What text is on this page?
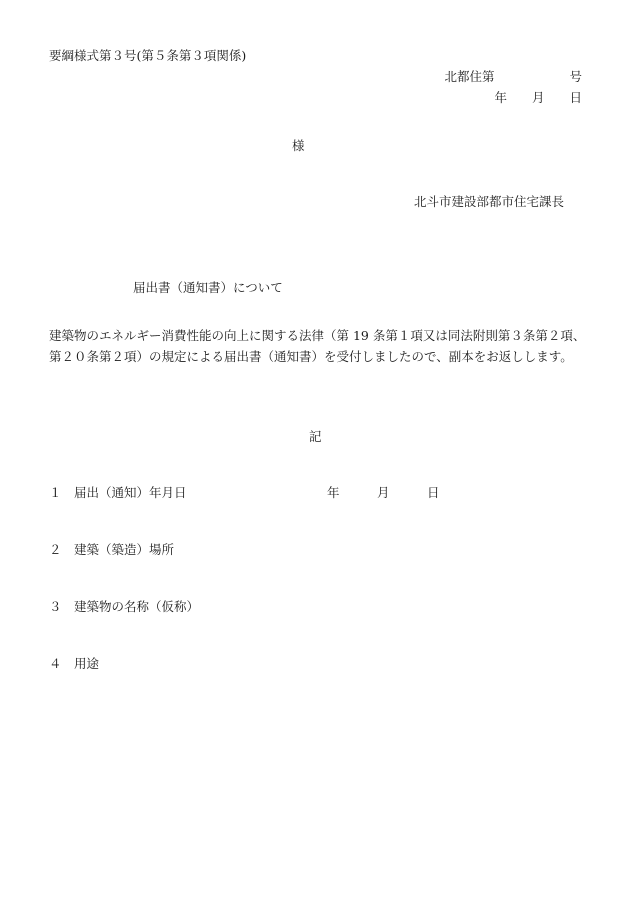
要綱様式第３号(第５条第３項関係)
北都住第　　　　　　号
年　　月　　日
様
北斗市建設部都市住宅課長
届出書（通知書）について
建築物のエネルギー消費性能の向上に関する法律（第 19 条第１項又は同法附則第３条第２項、第２０条第２項）の規定による届出書（通知書）を受付しましたので、副本をお返しします。
記
１　届出（通知）年月日	年　　　月　　　日
２　建築（築造）場所
３　建築物の名称（仮称）
４　用途
